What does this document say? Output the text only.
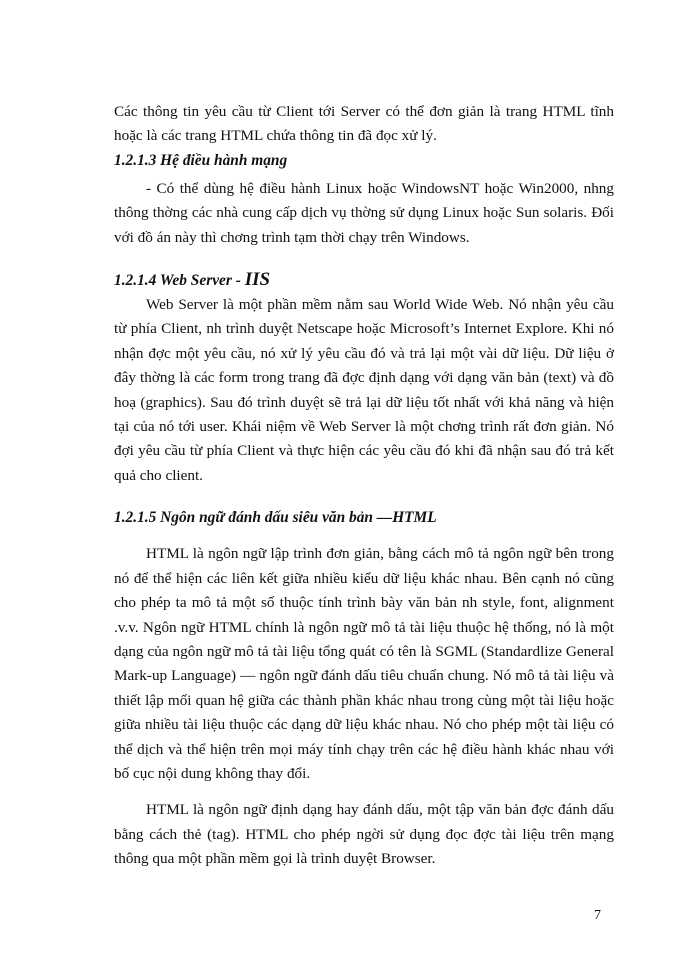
Các thông tin yêu cầu từ Client tới Server có thể đơn giản là trang HTML tĩnh hoặc là các trang HTML chứa thông tin đã đọc xử lý.

1.2.1.3 Hệ điều hành mạng

- Có thể dùng hệ điều hành Linux hoặc WindowsNT hoặc Win2000, nhng thông thờng các nhà cung cấp dịch vụ thờng sử dụng Linux hoặc Sun solaris. Đối với đồ án này thì chơng trình tạm thời chạy trên Windows.

1.2.1.4 Web Server - IIS

Web Server là một phần mềm nằm sau World Wide Web. Nó nhận yêu cầu từ phía Client, nh trình duyệt Netscape hoặc Microsoft’s Internet Explore. Khi nó nhận đợc một yêu cầu, nó xử lý yêu cầu đó và trả lại một vài dữ liệu. Dữ liệu ở đây thờng là các form trong trang đã đợc định dạng với dạng văn bản (text) và đồ hoạ (graphics). Sau đó trình duyệt sẽ trả lại dữ liệu tốt nhất với khả năng và hiện tại của nó tới user. Khái niệm về Web Server là một chơng trình rất đơn giản. Nó đợi yêu cầu từ phía Client và thực hiện các yêu cầu đó khi đã nhận sau đó trả kết quả cho client.

1.2.1.5 Ngôn ngữ đánh dấu siêu văn bản —HTML

HTML là ngôn ngữ lập trình đơn giản, bằng cách mô tả ngôn ngữ bên trong nó để thể hiện các liên kết giữa nhiều kiểu dữ liệu khác nhau. Bên cạnh nó cũng cho phép ta mô tả một số thuộc tính trình bày văn bản nh style, font, alignment .v.v. Ngôn ngữ HTML chính là ngôn ngữ mô tả tài liệu thuộc hệ thống, nó là một dạng của ngôn ngữ mô tả tài liệu tổng quát có tên là SGML (Standardlize General Mark-up Language) — ngôn ngữ đánh dấu tiêu chuẩn chung. Nó mô tả tài liệu và thiết lập mối quan hệ giữa các thành phần khác nhau trong cùng một tài liệu hoặc giữa nhiều tài liệu thuộc các dạng dữ liệu khác nhau. Nó cho phép một tài liệu có thể dịch và thể hiện trên mọi máy tính chạy trên các hệ điều hành khác nhau với bố cục nội dung không thay đổi.

HTML là ngôn ngữ định dạng hay đánh dấu, một tập văn bản đợc đánh dấu bằng cách thẻ (tag). HTML cho phép ngời sử dụng đọc đợc tài liệu trên mạng thông qua một phần mềm gọi là trình duyệt Browser.

7
